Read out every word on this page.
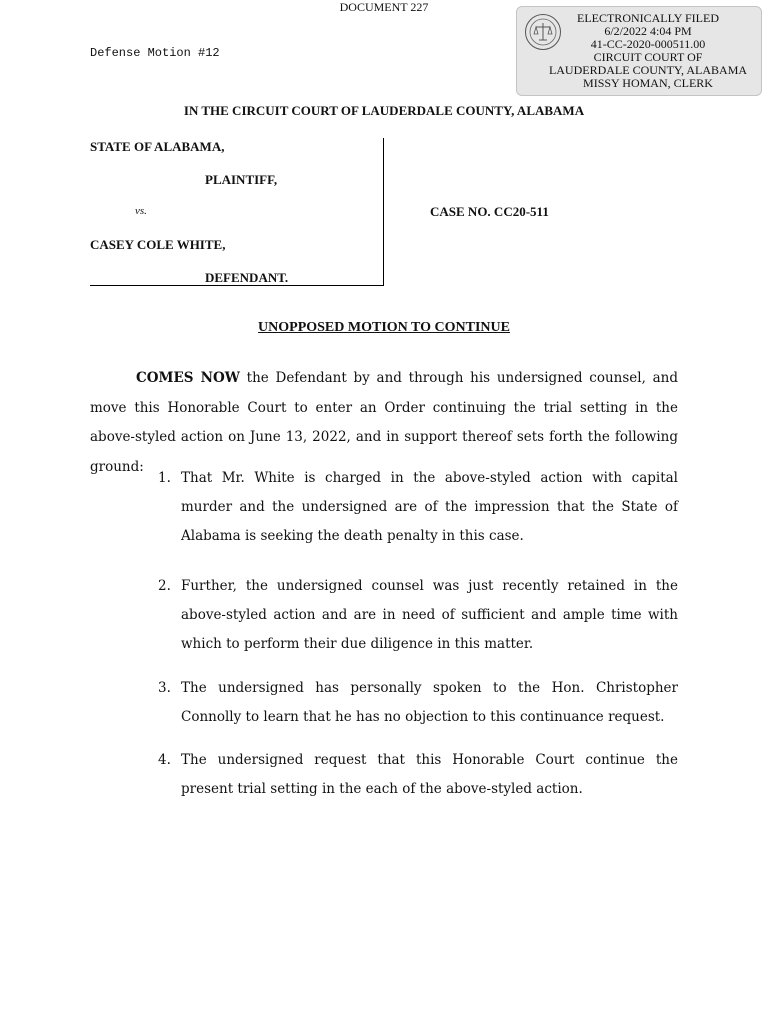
DOCUMENT 227
Defense Motion #12
ELECTRONICALLY FILED
6/2/2022 4:04 PM
41-CC-2020-000511.00
CIRCUIT COURT OF
LAUDERDALE COUNTY, ALABAMA
MISSY HOMAN, CLERK
IN THE CIRCUIT COURT OF LAUDERDALE COUNTY, ALABAMA
STATE OF ALABAMA,
PLAINTIFF,
vs.
CASEY COLE WHITE,
DEFENDANT.
CASE NO. CC20-511
UNOPPOSED MOTION TO CONTINUE
COMES NOW the Defendant by and through his undersigned counsel, and move this Honorable Court to enter an Order continuing the trial setting in the above-styled action on June 13, 2022, and in support thereof sets forth the following ground:
1. That Mr. White is charged in the above-styled action with capital murder and the undersigned are of the impression that the State of Alabama is seeking the death penalty in this case.
2. Further, the undersigned counsel was just recently retained in the above-styled action and are in need of sufficient and ample time with which to perform their due diligence in this matter.
3. The undersigned has personally spoken to the Hon. Christopher Connolly to learn that he has no objection to this continuance request.
4. The undersigned request that this Honorable Court continue the present trial setting in the each of the above-styled action.
